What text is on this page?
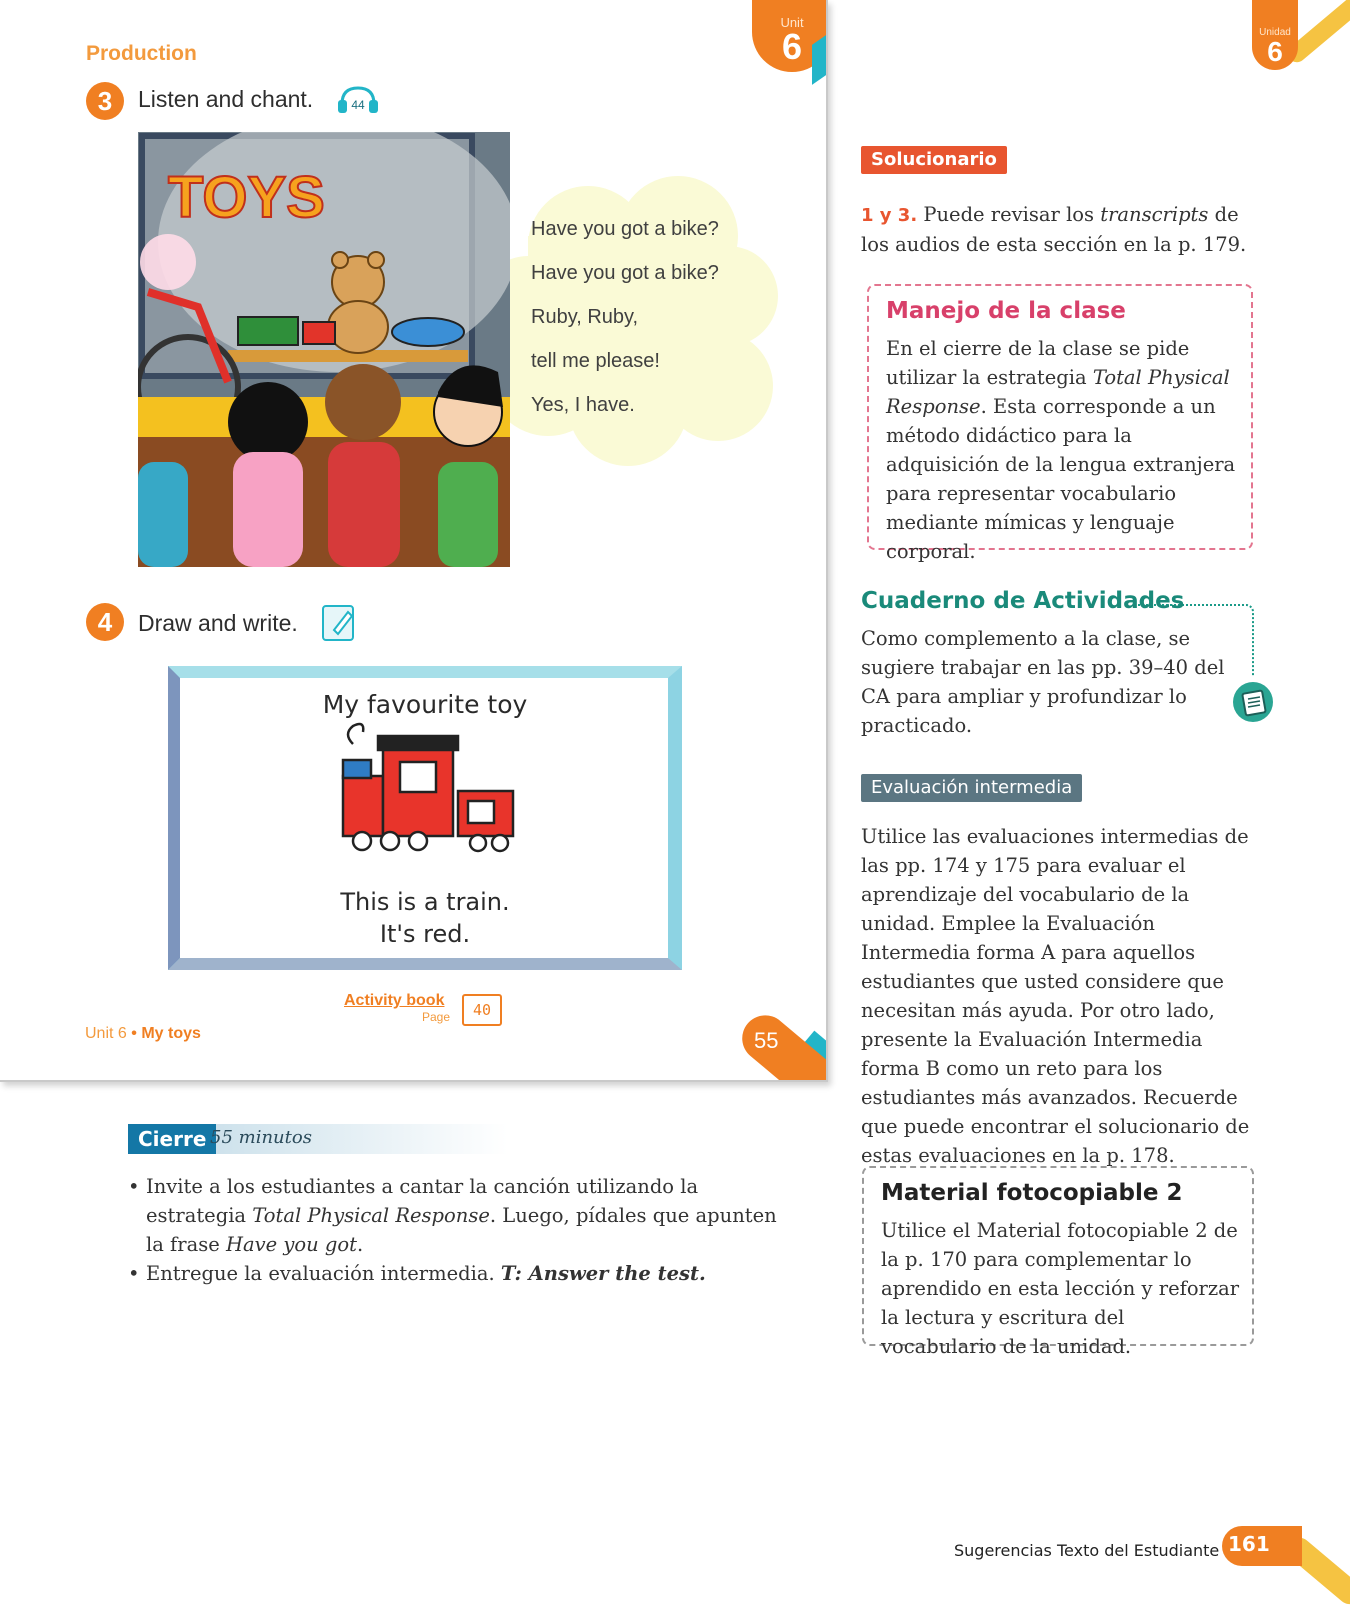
Unit
6
Production
3	Listen and chant.	44
Have you got a bike?
Have you got a bike?
Ruby, Ruby,
tell me please!
Yes, I have.
TOYS
4	Draw and write.
My favourite toy
This is a train.
It's red.
Activity book
Page	40
Unit 6 • My toys	55
Unidad
6
Solucionario
1 y 3. Puede revisar los transcripts de los audios de esta sección en la p. 179.
Manejo de la clase
En el cierre de la clase se pide utilizar la estrategia Total Physical Response. Esta corresponde a un método didáctico para la adquisición de la lengua extranjera para representar vocabulario mediante mímicas y lenguaje corporal.
Cuaderno de Actividades
Como complemento a la clase, se sugiere trabajar en las pp. 39–40 del CA para ampliar y profundizar lo practicado.
Evaluación intermedia
Utilice las evaluaciones intermedias de las pp. 174 y 175 para evaluar el aprendizaje del vocabulario de la unidad. Emplee la Evaluación Intermedia forma A para aquellos estudiantes que usted considere que necesitan más ayuda. Por otro lado, presente la Evaluación Intermedia forma B como un reto para los estudiantes más avanzados. Recuerde que puede encontrar el solucionario de estas evaluaciones en la p. 178.
Material fotocopiable 2
Utilice el Material fotocopiable 2 de la p. 170 para complementar lo aprendido en esta lección y reforzar la lectura y escritura del vocabulario de la unidad.
Cierre 55 minutos
• Invite a los estudiantes a cantar la canción utilizando la estrategia Total Physical Response. Luego, pídales que apunten la frase Have you got.
• Entregue la evaluación intermedia. T: Answer the test.
Sugerencias Texto del Estudiante 161
